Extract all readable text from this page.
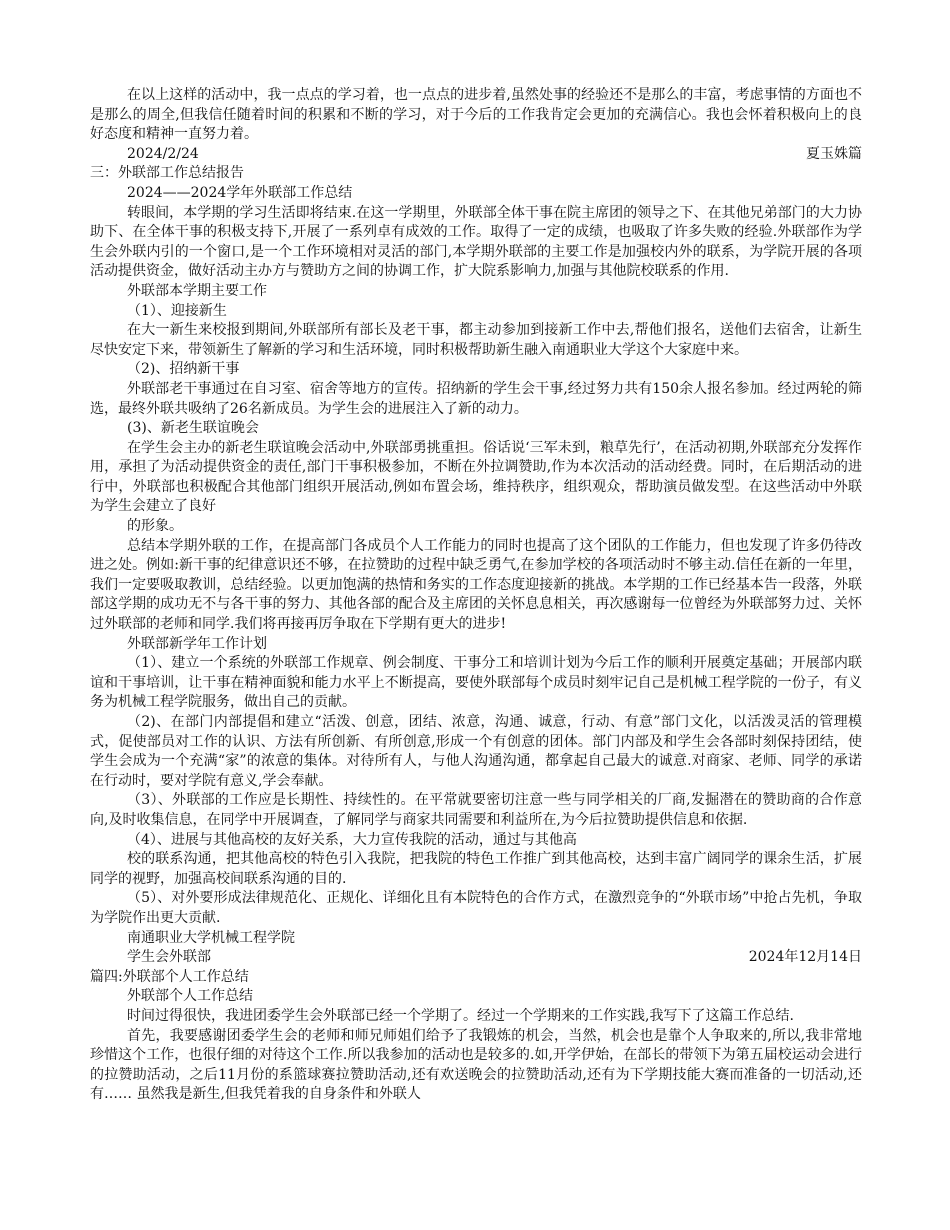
在以上这样的活动中，我一点点的学习着，也一点点的进步着,虽然处事的经验还不是那么的丰富，考虑事情的方面也不是那么的周全,但我信任随着时间的积累和不断的学习，对于今后的工作我肯定会更加的充满信心。我也会怀着积极向上的良好态度和精神一直努力着。

2024/2/24	夏玉姝篇

三：外联部工作总结报告

2024——2024学年外联部工作总结

转眼间，本学期的学习生活即将结束.在这一学期里，外联部全体干事在院主席团的领导之下、在其他兄弟部门的大力协助下、在全体干事的积极支持下,开展了一系列卓有成效的工作。取得了一定的成绩，也吸取了许多失败的经验.外联部作为学生会外联内引的一个窗口,是一个工作环境相对灵活的部门,本学期外联部的主要工作是加强校内外的联系，为学院开展的各项活动提供资金，做好活动主办方与赞助方之间的协调工作，扩大院系影响力,加强与其他院校联系的作用.

外联部本学期主要工作

（1）、迎接新生

在大一新生来校报到期间,外联部所有部长及老干事，都主动参加到接新工作中去,帮他们报名，送他们去宿舍，让新生尽快安定下来，带领新生了解新的学习和生活环境，同时积极帮助新生融入南通职业大学这个大家庭中来。

（2)、招纳新干事

外联部老干事通过在自习室、宿舍等地方的宣传。招纳新的学生会干事,经过努力共有150余人报名参加。经过两轮的筛选，最终外联共吸纳了26名新成员。为学生会的进展注入了新的动力。

(3)、新老生联谊晚会

在学生会主办的新老生联谊晚会活动中,外联部勇挑重担。俗话说‘三军未到，粮草先行’，在活动初期,外联部充分发挥作用，承担了为活动提供资金的责任,部门干事积极参加，不断在外拉调赞助,作为本次活动的活动经费。同时，在后期活动的进行中，外联部也积极配合其他部门组织开展活动,例如布置会场，维持秩序，组织观众，帮助演员做发型。在这些活动中外联为学生会建立了良好

的形象。

总结本学期外联的工作，在提高部门各成员个人工作能力的同时也提高了这个团队的工作能力，但也发现了许多仍待改进之处。例如:新干事的纪律意识还不够，在拉赞助的过程中缺乏勇气,在参加学校的各项活动时不够主动.信任在新的一年里，我们一定要吸取教训，总结经验。以更加饱满的热情和务实的工作态度迎接新的挑战。本学期的工作已经基本告一段落，外联部这学期的成功无不与各干事的努力、其他各部的配合及主席团的关怀息息相关，再次感谢每一位曾经为外联部努力过、关怀过外联部的老师和同学.我们将再接再厉争取在下学期有更大的进步!

外联部新学年工作计划

（1）、建立一个系统的外联部工作规章、例会制度、干事分工和培训计划为今后工作的顺利开展奠定基础；开展部内联谊和干事培训，让干事在精神面貌和能力水平上不断提高，要使外联部每个成员时刻牢记自己是机械工程学院的一份子，有义务为机械工程学院服务，做出自己的贡献。

（2)、在部门内部提倡和建立“活泼、创意，团结、浓意，沟通、诚意，行动、有意”部门文化，以活泼灵活的管理模式，促使部员对工作的认识、方法有所创新、有所创意,形成一个有创意的团体。部门内部及和学生会各部时刻保持团结，使学生会成为一个充满“家”的浓意的集体。对待所有人，与他人沟通沟通，都拿起自己最大的诚意.对商家、老师、同学的承诺在行动时，要对学院有意义,学会奉献。

（3）、外联部的工作应是长期性、持续性的。在平常就要密切注意一些与同学相关的厂商,发掘潜在的赞助商的合作意向,及时收集信息，在同学中开展调查，了解同学与商家共同需要和利益所在,为今后拉赞助提供信息和依据.

（4）、进展与其他高校的友好关系，大力宣传我院的活动，通过与其他高

校的联系沟通，把其他高校的特色引入我院，把我院的特色工作推广到其他高校，达到丰富广阔同学的课余生活，扩展同学的视野，加强高校间联系沟通的目的.

（5）、对外要形成法律规范化、正规化、详细化且有本院特色的合作方式，在激烈竞争的“外联市场”中抢占先机，争取为学院作出更大贡献.

南通职业大学机械工程学院

学生会外联部	2024年12月14日

篇四:外联部个人工作总结

外联部个人工作总结

时间过得很快，我进团委学生会外联部已经一个学期了。经过一个学期来的工作实践,我写下了这篇工作总结.

首先，我要感谢团委学生会的老师和师兄师姐们给予了我锻炼的机会，当然，机会也是靠个人争取来的,所以,我非常地珍惜这个工作，也很仔细的对待这个工作.所以我参加的活动也是较多的.如,开学伊始，在部长的带领下为第五届校运动会进行的拉赞助活动，之后11月份的系篮球赛拉赞助活动,还有欢送晚会的拉赞助活动,还有为下学期技能大赛而准备的一切活动,还有…… 虽然我是新生,但我凭着我的自身条件和外联人
